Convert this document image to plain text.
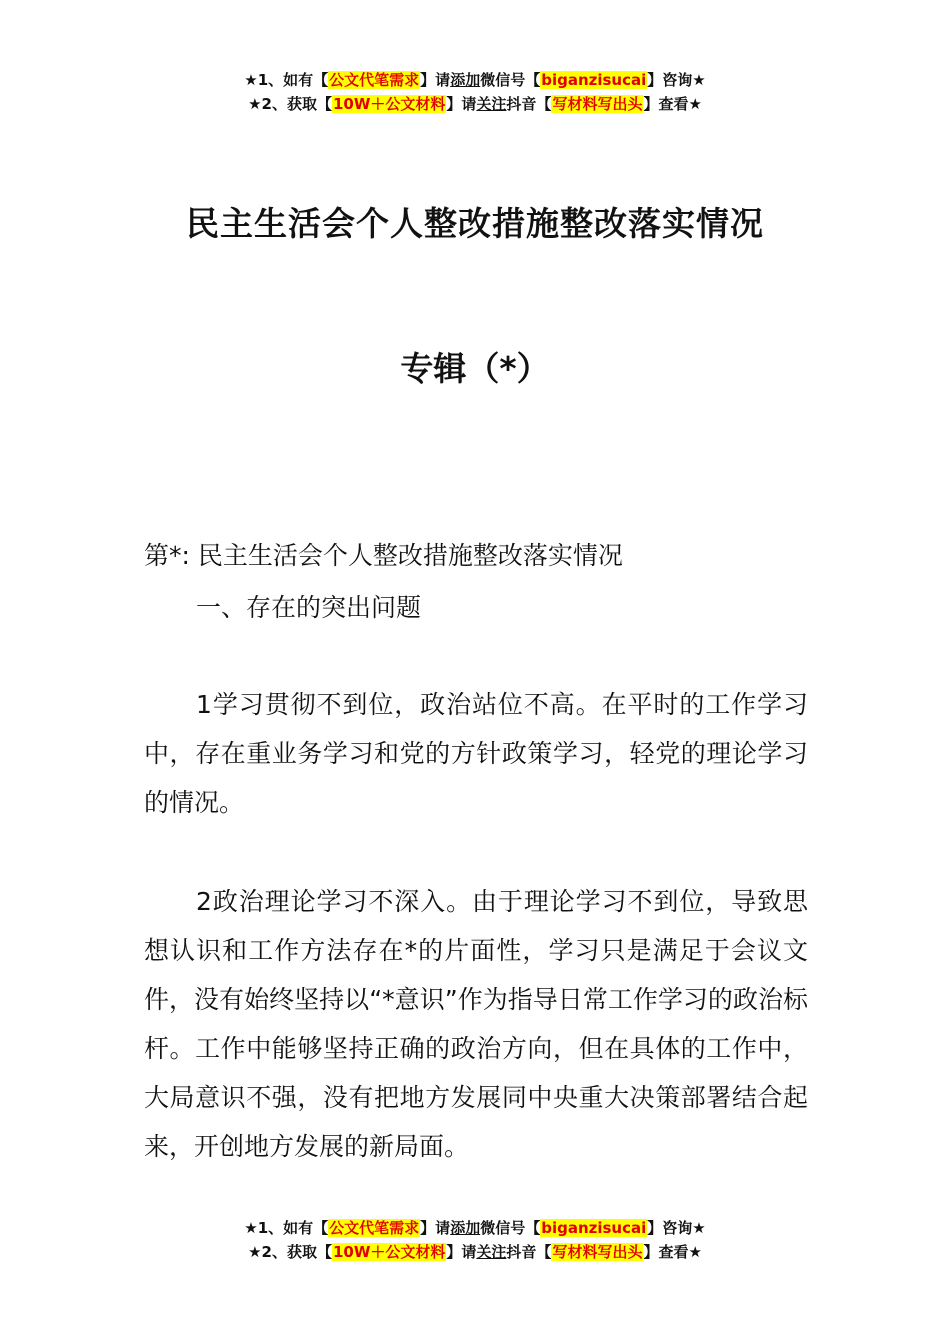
★1、如有【公文代笔需求】请添加微信号【biganzisucai】咨询★
★2、获取【10W＋公文材料】请关注抖音【写材料写出头】查看★
民主生活会个人整改措施整改落实情况
专辑（*）
第*: 民主生活会个人整改措施整改落实情况
一、存在的突出问题
1学习贯彻不到位，政治站位不高。在平时的工作学习中，存在重业务学习和党的方针政策学习，轻党的理论学习的情况。
2政治理论学习不深入。由于理论学习不到位，导致思想认识和工作方法存在*的片面性，学习只是满足于会议文件，没有始终坚持以“*意识”作为指导日常工作学习的政治标杆。工作中能够坚持正确的政治方向，但在具体的工作中，大局意识不强，没有把地方发展同中央重大决策部署结合起来，开创地方发展的新局面。
★1、如有【公文代笔需求】请添加微信号【biganzisucai】咨询★
★2、获取【10W＋公文材料】请关注抖音【写材料写出头】查看★
